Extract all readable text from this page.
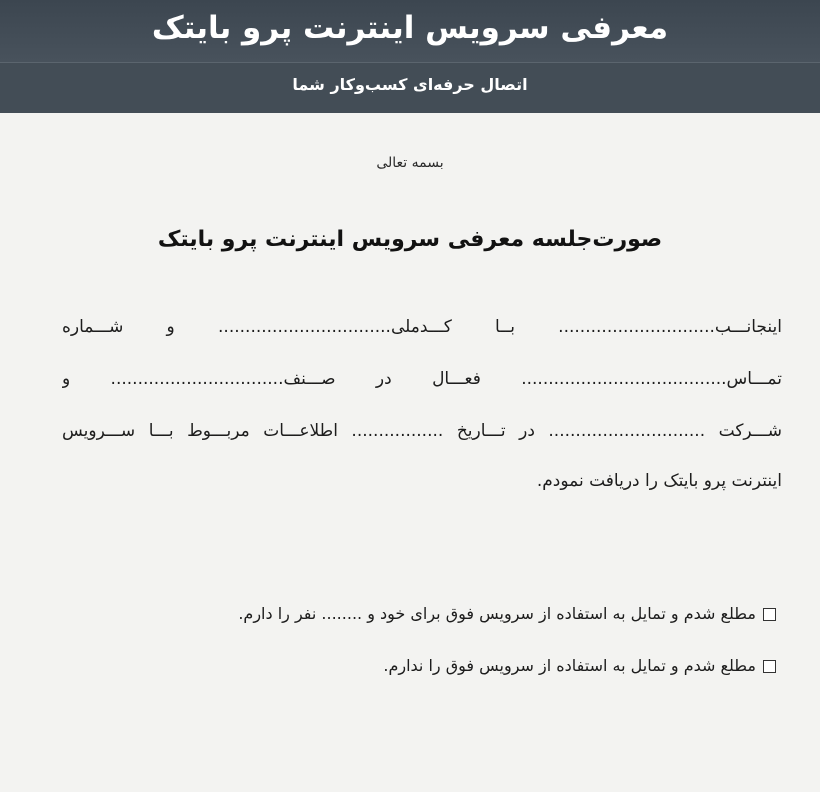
معرفی سرویس اینترنت پرو بایتک
اتصال حرفه‌ای کسب‌وکار شما
بسمه تعالی
صورت‌جلسه معرفی سرویس اینترنت پرو بایتک
اینجانـــب............................. بــا کـــدملی................................ و شـــماره
تمـــاس...................................... فعـــال در صـــنف................................ و
شـــرکت ............................. در تـــاریخ ................. اطلاعـــات مربـــوط بـــا ســـرویس
اینترنت پرو بایتک را دریافت نمودم.
مطلع شدم و تمایل به استفاده از سرویس فوق برای خود و ........ نفر را دارم.
مطلع شدم و تمایل به استفاده از سرویس فوق را ندارم.
